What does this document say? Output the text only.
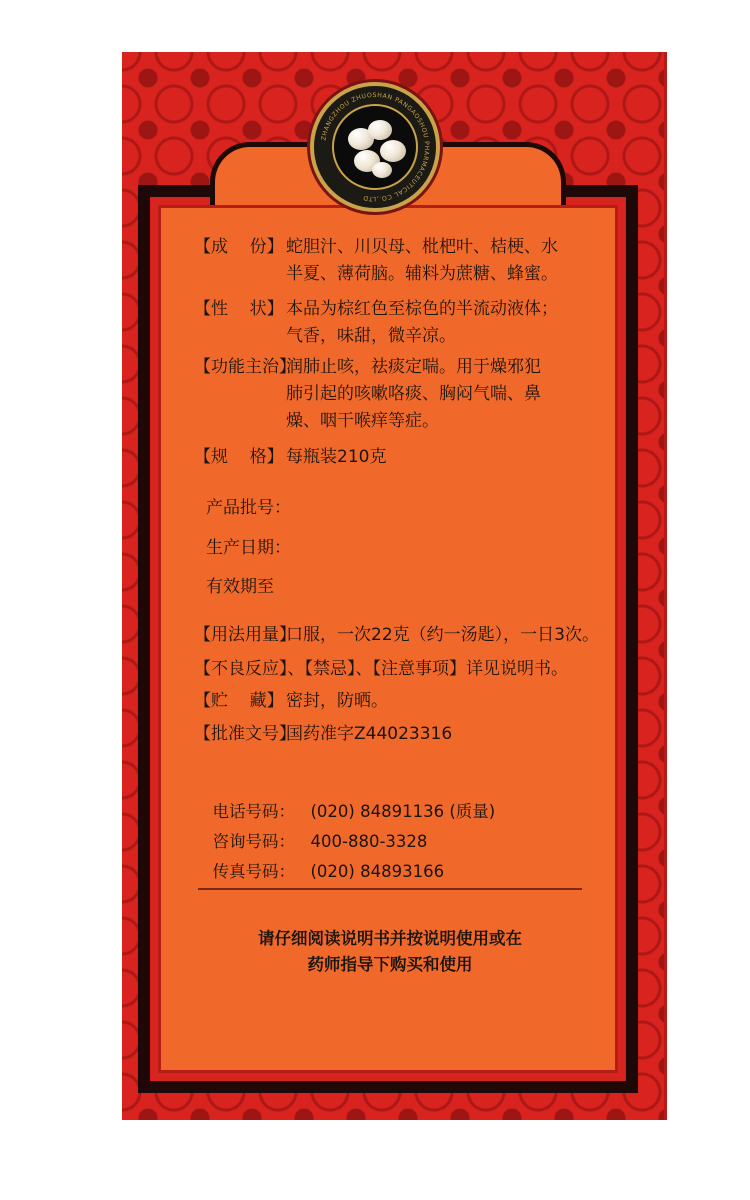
ZHANGZHOU ZHUOSHAN PANGAOSHOU PHARMACEUTICAL CO.,LTD
【成    份】 蛇胆汁、川贝母、枇杷叶、桔梗、水
半夏、薄荷脑。辅料为蔗糖、蜂蜜。
【性    状】 本品为棕红色至棕色的半流动液体；
气香，味甜，微辛凉。
【功能主治】润肺止咳，祛痰定喘。用于燥邪犯
肺引起的咳嗽咯痰、胸闷气喘、鼻
燥、咽干喉痒等症。
【规    格】 每瓶装210克
产品批号：
生产日期：
有效期至
【用法用量】口服，一次22克（约一汤匙），一日3次。
【不良反应】、【禁忌】、【注意事项】详见说明书。
【贮    藏】 密封，防晒。
【批准文号】国药准字Z44023316

电话号码： (020) 84891136 (质量)

咨询号码： 400-880-3328

传真号码： (020) 84893166

请仔细阅读说明书并按说明使用或在
药师指导下购买和使用
